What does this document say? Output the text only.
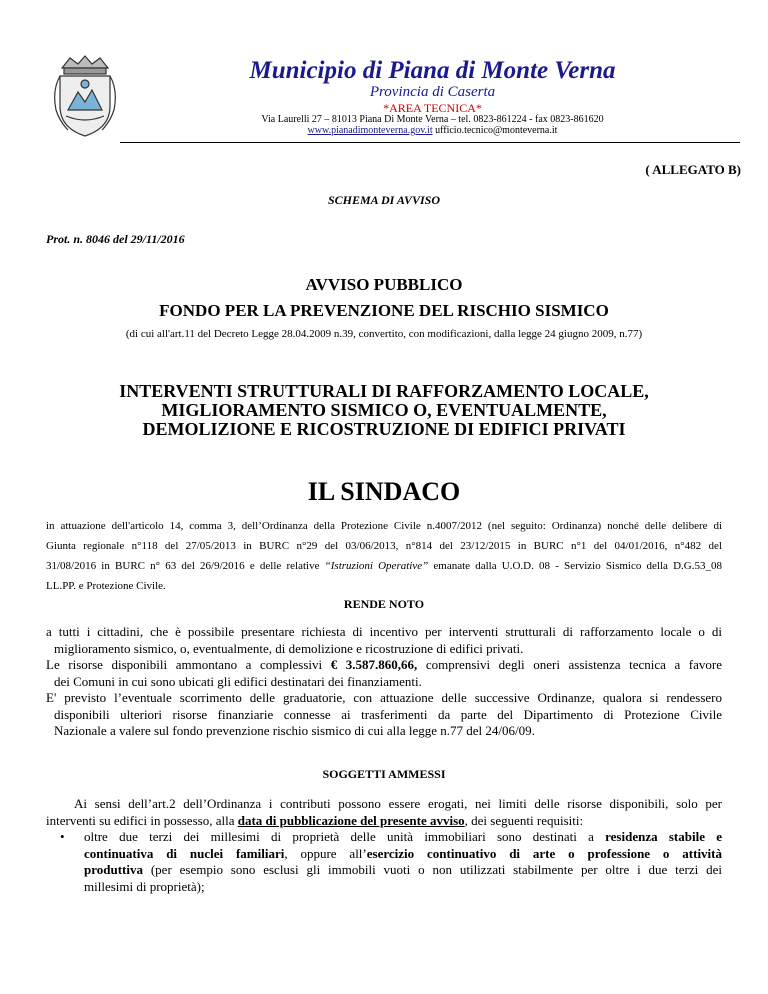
Municipio di Piana di Monte Verna
Provincia di Caserta
*AREA TECNICA*
Via Laurelli 27 – 81013 Piana Di Monte Verna – tel. 0823-861224 - fax 0823-861620
www.pianadimonteverna.gov.it ufficio.tecnico@monteverna.it
( ALLEGATO B)
SCHEMA DI AVVISO
Prot. n. 8046 del 29/11/2016
AVVISO PUBBLICO
FONDO PER LA PREVENZIONE DEL RISCHIO SISMICO
(di cui all'art.11 del Decreto Legge 28.04.2009 n.39, convertito, con modificazioni, dalla legge 24 giugno 2009, n.77)
INTERVENTI STRUTTURALI DI RAFFORZAMENTO LOCALE,
MIGLIORAMENTO SISMICO O, EVENTUALMENTE,
DEMOLIZIONE E RICOSTRUZIONE DI EDIFICI PRIVATI
IL SINDACO

in attuazione dell'articolo 14, comma 3, dell’Ordinanza della Protezione Civile n.4007/2012 (nel seguito: Ordinanza) nonché delle delibere di

Giunta regionale n°118 del 27/05/2013 in BURC n°29 del 03/06/2013, n°814 del 23/12/2015 in BURC n°1 del 04/01/2016, n°482 del

31/08/2016 in BURC n° 63 del 26/9/2016 e delle relative “Istruzioni Operative” emanate dalla U.O.D. 08 - Servizio Sismico della D.G.53_08

LL.PP. e Protezione Civile.

RENDE NOTO

a tutti i cittadini, che è possibile presentare richiesta di incentivo per interventi strutturali di rafforzamento locale o di

miglioramento sismico, o, eventualmente, di demolizione e ricostruzione di edifici privati.

Le risorse disponibili ammontano a complessivi € 3.587.860,66, comprensivi degli oneri assistenza tecnica a favore

dei Comuni in cui sono ubicati gli edifici destinatari dei finanziamenti.

E' previsto l’eventuale scorrimento delle graduatorie, con attuazione delle successive Ordinanze, qualora si rendessero

disponibili ulteriori risorse finanziarie connesse ai trasferimenti da parte del Dipartimento di Protezione Civile

Nazionale a valere sul fondo prevenzione rischio sismico di cui alla legge n.77 del 24/06/09.

SOGGETTI AMMESSI

Ai sensi dell’art.2 dell’Ordinanza i contributi possono essere erogati, nei limiti delle risorse disponibili, solo per

interventi su edifici in possesso, alla data di pubblicazione del presente avviso, dei seguenti requisiti:

• oltre due terzi dei millesimi di proprietà delle unità immobiliari sono destinati a residenza stabile e

continuativa di nuclei familiari, oppure all’esercizio continuativo di arte o professione o attività

produttiva (per esempio sono esclusi gli immobili vuoti o non utilizzati stabilmente per oltre i due terzi dei

millesimi di proprietà);
